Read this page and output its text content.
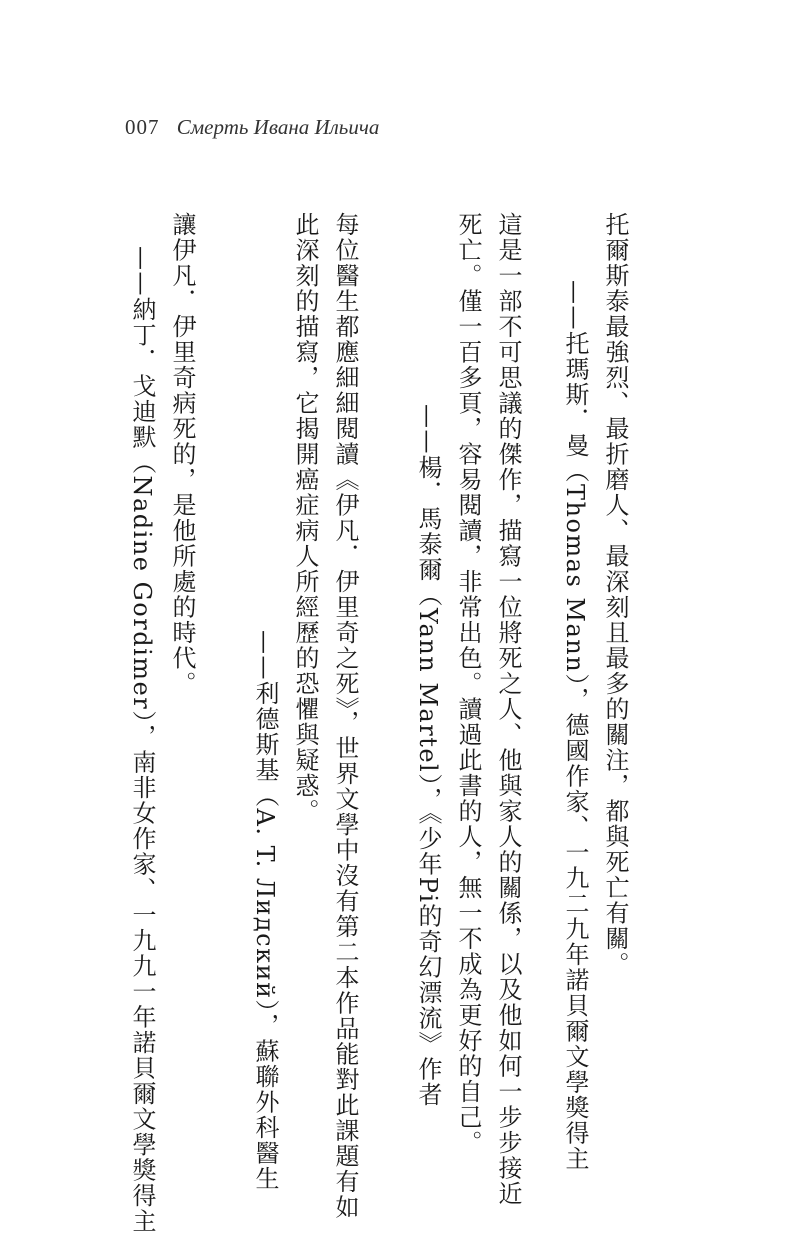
007 Смерть Ивана Ильича
托爾斯泰最強烈、最折磨人、最深刻且最多的關注，都與死亡有關。
——托瑪斯．曼（Thomas Mann），德國作家、一九二九年諾貝爾文學獎得主
這是一部不可思議的傑作，描寫一位將死之人、他與家人的關係，以及他如何一步步接近
死亡。僅一百多頁，容易閱讀，非常出色。讀過此書的人，無一不成為更好的自己。
——楊．馬泰爾（Yann Martel），《少年Pi的奇幻漂流》作者
每位醫生都應細細閱讀《伊凡．伊里奇之死》，世界文學中沒有第二本作品能對此課題有如
此深刻的描寫，它揭開癌症病人所經歷的恐懼與疑惑。
——利德斯基（A. T. Лидский），蘇聯外科醫生
讓伊凡．伊里奇病死的，是他所處的時代。
——納丁．戈迪默（Nadine Gordimer），南非女作家、一九九一年諾貝爾文學獎得主
